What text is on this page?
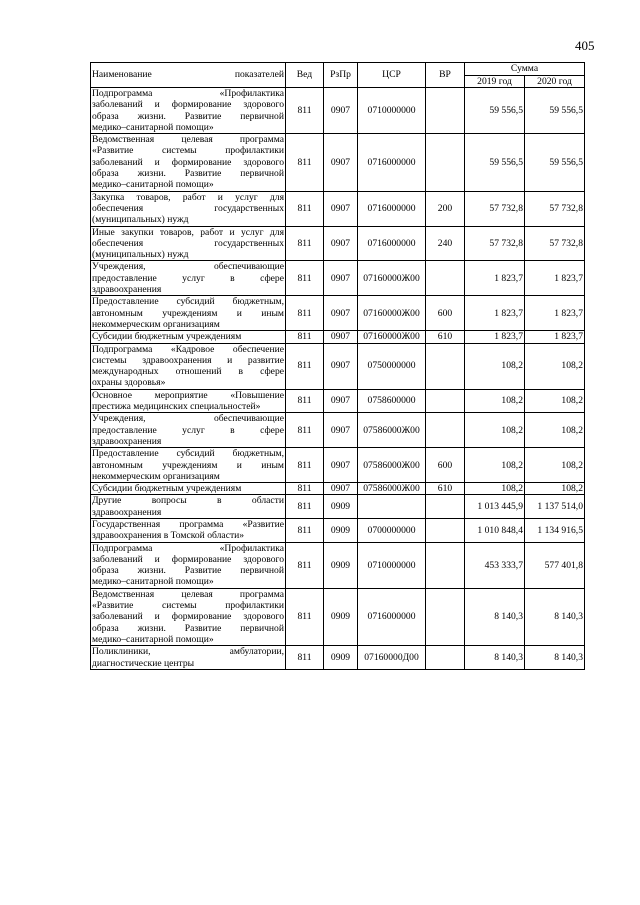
405
Наименование показателей	Вед	РзПр	ЦСР	ВР	Сумма	
					2019 год	2020 год

Подпрограмма «Профилактика
заболеваний и формирование здорового
образа жизни. Развитие первичной
медико–санитарной помощи»	811	0907	0710000000		59 556,5	59 556,5

Ведомственная целевая программа
«Развитие системы профилактики
заболеваний и формирование здорового
образа жизни. Развитие первичной
медико–санитарной помощи»	811	0907	0716000000		59 556,5	59 556,5

Закупка товаров, работ и услуг для
обеспечения государственных
(муниципальных) нужд	811	0907	0716000000	200	57 732,8	57 732,8

Иные закупки товаров, работ и услуг для
обеспечения государственных
(муниципальных) нужд	811	0907	0716000000	240	57 732,8	57 732,8

Учреждения, обеспечивающие
предоставление услуг в сфере
здравоохранения	811	0907	07160000Ж00		1 823,7	1 823,7

Предоставление субсидий бюджетным,
автономным учреждениям и иным
некоммерческим организациям	811	0907	07160000Ж00	600	1 823,7	1 823,7

Субсидии бюджетным учреждениям	811	0907	07160000Ж00	610	1 823,7	1 823,7

Подпрограмма «Кадровое обеспечение
системы здравоохранения и развитие
международных отношений в сфере
охраны здоровья»	811	0907	0750000000		108,2	108,2

Основное мероприятие «Повышение
престижа медицинских специальностей»	811	0907	0758600000		108,2	108,2

Учреждения, обеспечивающие
предоставление услуг в сфере
здравоохранения	811	0907	07586000Ж00		108,2	108,2

Предоставление субсидий бюджетным,
автономным учреждениям и иным
некоммерческим организациям	811	0907	07586000Ж00	600	108,2	108,2

Субсидии бюджетным учреждениям	811	0907	07586000Ж00	610	108,2	108,2

Другие вопросы в области
здравоохранения	811	0909			1 013 445,9	1 137 514,0

Государственная программа «Развитие
здравоохранения в Томской области»	811	0909	0700000000		1 010 848,4	1 134 916,5

Подпрограмма «Профилактика
заболеваний и формирование здорового
образа жизни. Развитие первичной
медико–санитарной помощи»	811	0909	0710000000		453 333,7	577 401,8

Ведомственная целевая программа
«Развитие системы профилактики
заболеваний и формирование здорового
образа жизни. Развитие первичной
медико–санитарной помощи»	811	0909	0716000000		8 140,3	8 140,3

Поликлиники, амбулатории,
диагностические центры	811	0909	07160000Д00		8 140,3	8 140,3
